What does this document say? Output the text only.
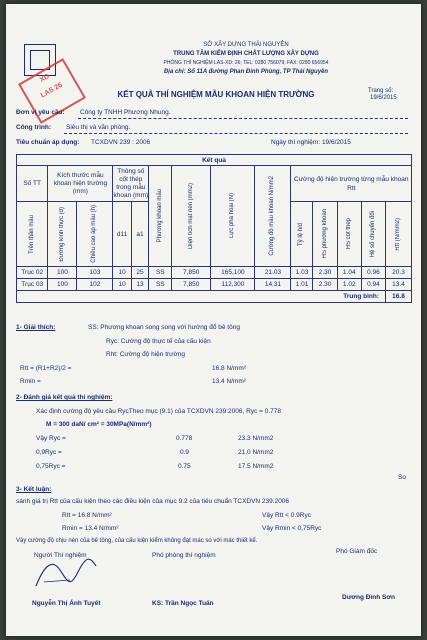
XD
LAS 26
SỞ XÂY DỰNG THÁI NGUYÊN
TRUNG TÂM KIỂM ĐỊNH CHẤT LƯỢNG XÂY DỰNG
PHÒNG THÍ NGHIỆM LAS-XD: 26; TEL: 0280 756079; FAX: 0280 656954
Địa chỉ: Số 11A đường Phan Đình Phùng, TP Thái Nguyên
Trang số:
19/6/2015
KẾT QUẢ THÍ NGHIỆM MẪU KHOAN HIỆN TRƯỜNG
Đơn vị yêu cầu: Công ty TNHH Phương Nhung.
Công trình: Siêu thị và văn phòng.
Tiêu chuẩn áp dụng: TCXDVN 239 : 2006	Ngày thí nghiệm: 19/6/2015
Kết quả													
Số TT	Kích thước mẫu khoan hiện trường (mm)		Thông số cốt thép trong mẫu khoan (mm)		Phương khoan mẫu	Diện tích mặt nén (mm2)	Lực phá hoại (N)	Cường độ mẫu khoan N/mm2	Cường độ hiện trường từng mẫu khoan Rtt				

Trên thân mẫu	Đường kính thực (d)	Chiều cao áp mẫu (h)	d11	a1					Tỷ lệ h/d	HS phương khoan	HS cốt thép	Hệ số chuyển đổi	Rtt (N/mm2)

Trục 02	100	103	10	25	SS	7,850	165,100	21.03	1.03	2.30	1.04	0.96	20.3
Trục 03	100	102	10	13	SS	7,850	112,300	14.31	1.01	2.30	1.02	0.94	13.4
Trung bình:													16.8
1- Giải thích:	SS: Phương khoan song song với hướng đổ bê tông
Ryc: Cường độ thực tế của cấu kiện
Rht: Cường độ hiện trường
Rtt = (R1+R2)/2 =	16.8 N/mm²
Rmin =	13.4 N/mm²
2- Đánh giá kết quả thí nghiệm:
Xác định cường độ yêu cầu RycTheo mục (9.1) của TCXDVN 239:2006, Ryc = 0.778
M = 300 daN/ cm² = 30MPa(N/mm²)
Vậy Ryc =	0.778	23.3 N/mm2
0,9Ryc =	0.9	21.0 N/mm2
0,75Ryc =	0.75	17.5 N/mm2
So
3- Kết luận:
sánh giá trị Rtt của cấu kiện theo các điều kiện của mục 9.2 của tiêu chuẩn TCXDVN 239:2006
Rtt = 16.8 N/mm²	Vậy Rtt < 0.9Ryc
Rmin = 13.4 N/mm²	Vậy Rmin < 0,75Ryc
Vậy cường độ chịu nén của bê tông, của cấu kiện kiểm không đạt mác so với mác thiết kế.
Người Thí nghiệm	Phó phòng thí nghiệm
Phó Giám đốc
Nguyễn Thị Ánh Tuyết	KS: Trần Ngọc Tuấn
Dương Đình Sơn
